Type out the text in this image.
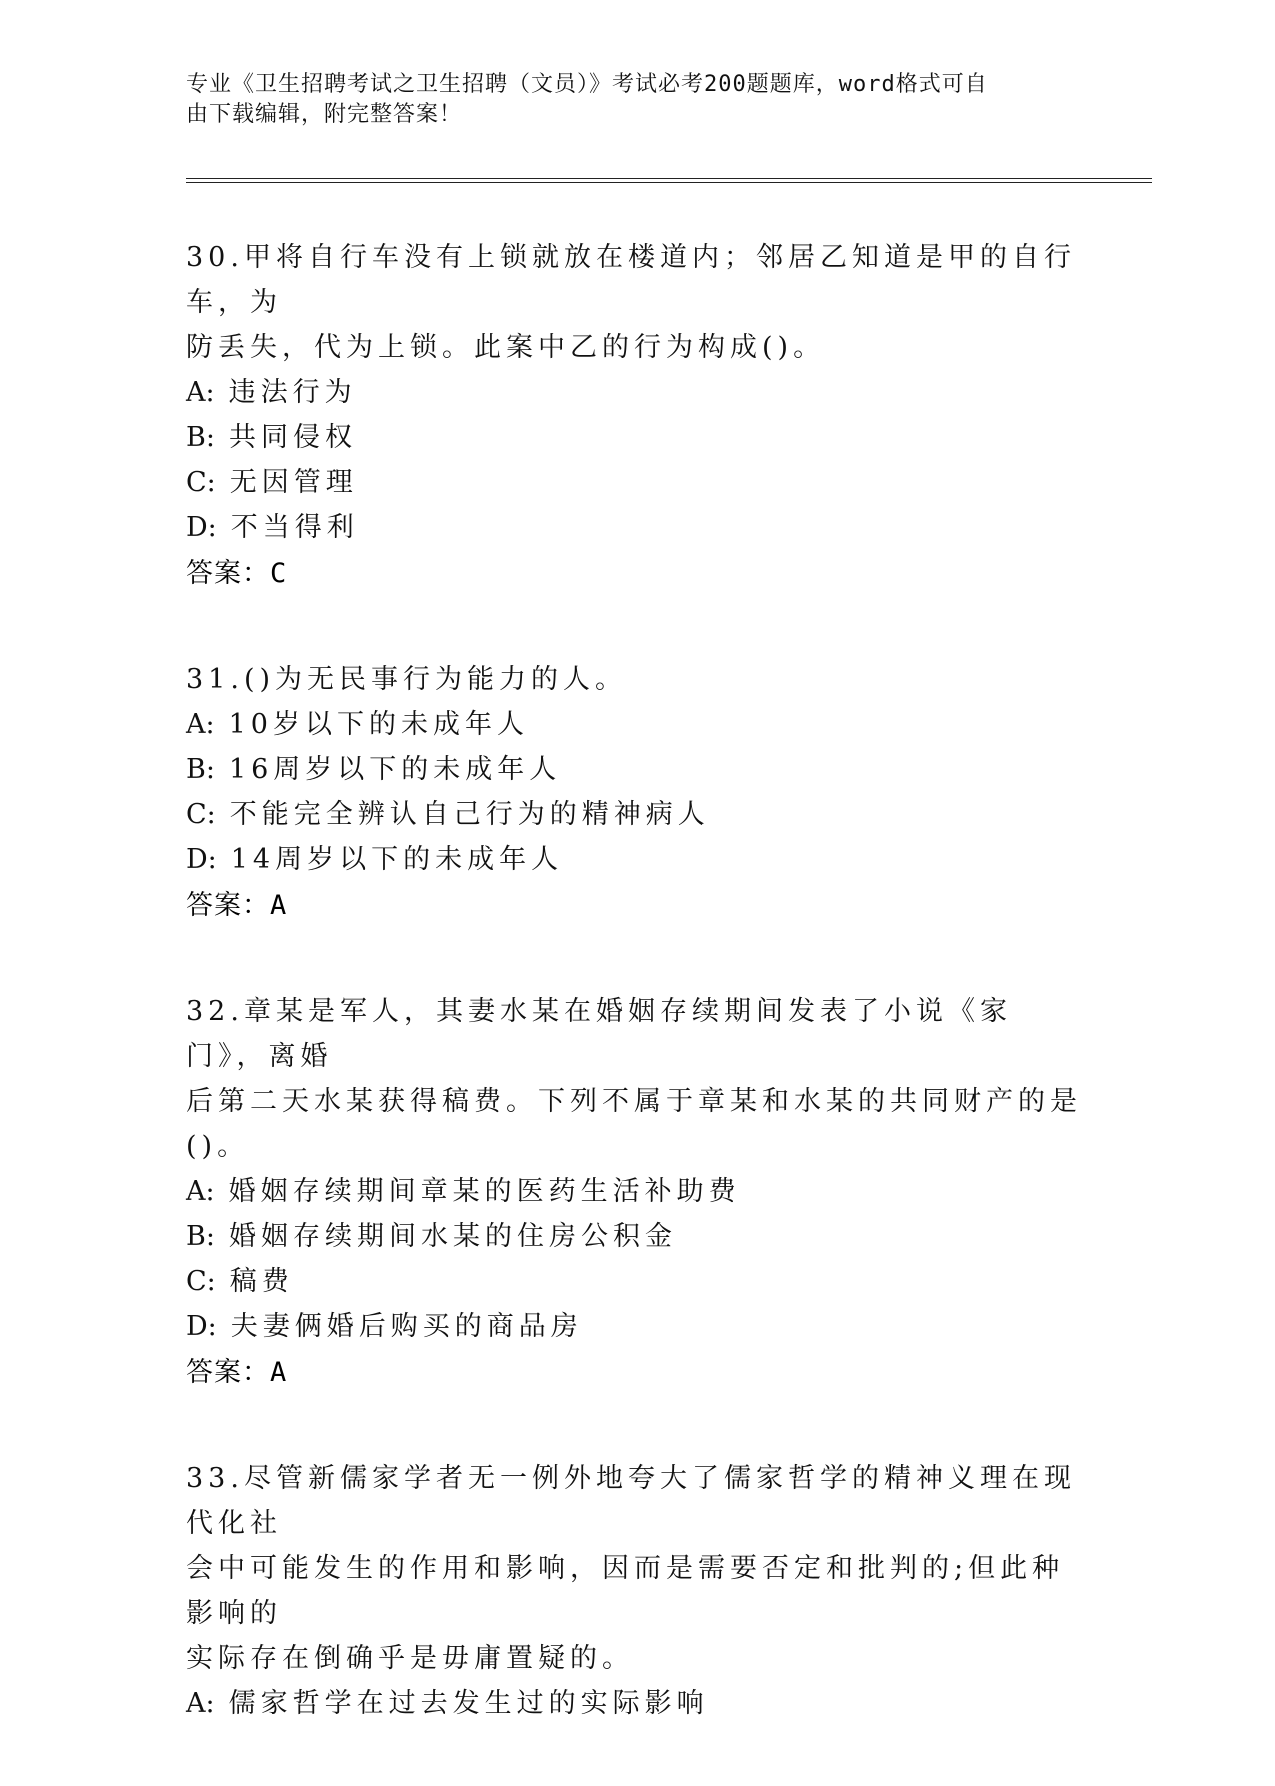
专业《卫生招聘考试之卫生招聘（文员）》考试必考200题题库，word格式可自
由下载编辑，附完整答案！
30.甲将自行车没有上锁就放在楼道内；邻居乙知道是甲的自行车，为
防丢失，代为上锁。此案中乙的行为构成()。
A: 违法行为
B: 共同侵权
C: 无因管理
D: 不当得利
答案：C
31.()为无民事行为能力的人。
A: 10岁以下的未成年人
B: 16周岁以下的未成年人
C: 不能完全辨认自己行为的精神病人
D: 14周岁以下的未成年人
答案：A
32.章某是军人，其妻水某在婚姻存续期间发表了小说《家门》，离婚
后第二天水某获得稿费。下列不属于章某和水某的共同财产的是()。
A: 婚姻存续期间章某的医药生活补助费
B: 婚姻存续期间水某的住房公积金
C: 稿费
D: 夫妻俩婚后购买的商品房
答案：A
33.尽管新儒家学者无一例外地夸大了儒家哲学的精神义理在现代化社
会中可能发生的作用和影响，因而是需要否定和批判的;但此种影响的
实际存在倒确乎是毋庸置疑的。
A: 儒家哲学在过去发生过的实际影响
